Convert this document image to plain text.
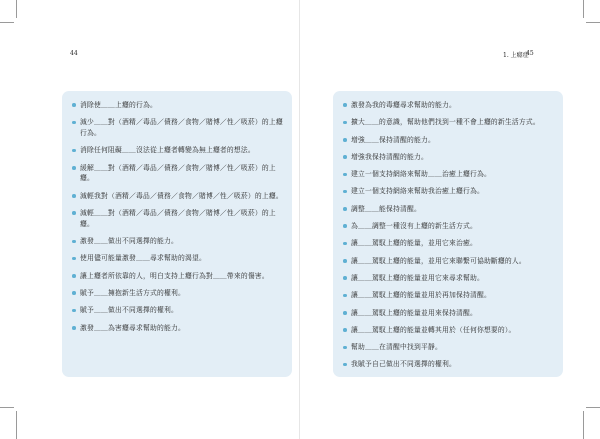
44
消除使＿＿上癮的行為。
減少＿＿對（酒精／毒品／債務／食物／賭博／性／吸菸）的上癮行為。
消除任何阻礙＿＿沒法從上癮者轉變為無上癮者的想法。
緩解＿＿對（酒精／毒品／債務／食物／賭博／性／吸菸）的上癮。
減輕我對（酒精／毒品／債務／食物／賭博／性／吸菸）的上癮。
減輕＿＿對（酒精／毒品／債務／食物／賭博／性／吸菸）的上癮。
激發＿＿做出不同選擇的能力。
使用儘可能量激發＿＿尋求幫助的渴望。
讓上癮者所依靠的人，明白支持上癮行為對＿＿帶來的傷害。
賦予＿＿擁抱新生活方式的權利。
賦予＿＿做出不同選擇的權利。
激發＿＿為害癮尋求幫助的能力。
1. 上癮症
45
激發為我的毒癮尋求幫助的能力。
擴大＿＿的意識，幫助他們找到一種不會上癮的新生活方式。
增強＿＿保持清醒的能力。
增強我保持清醒的能力。
建立一個支持網絡來幫助＿＿治癒上癮行為。
建立一個支持網絡來幫助我治癒上癮行為。
調整＿＿能保持清醒。
為＿＿調整一種沒有上癮的新生活方式。
讓＿＿駕馭上癮的能量，並用它來治癒。
讓＿＿駕馭上癮的能量，並用它來聯繫可協助斷癮的人。
讓＿＿駕馭上癮的能量並用它來尋求幫助。
讓＿＿駕馭上癮的能量並用於再加保持清醒。
讓＿＿駕馭上癮的能量並用來保持清醒。
讓＿＿駕馭上癮的能量並轉其用於（任何你想要的）。
幫助＿＿在清醒中找到平靜。
我賦予自己做出不同選擇的權利。
